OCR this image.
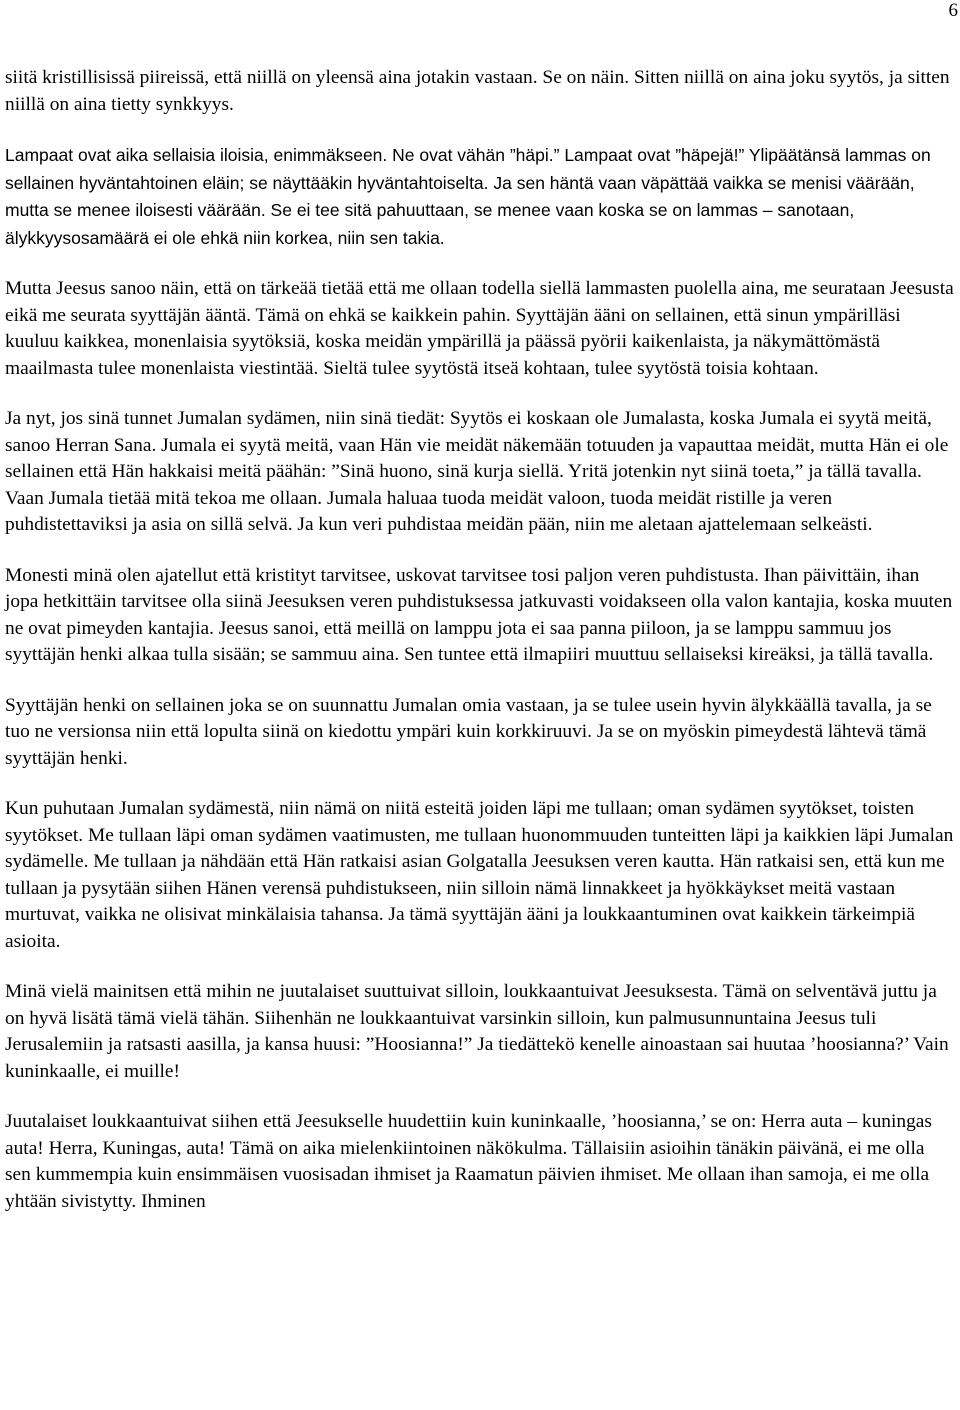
6

siitä kristillisissä piireissä, että niillä on yleensä aina jotakin vastaan. Se on näin. Sitten niillä on aina joku syytös, ja sitten niillä on aina tietty synkkyys.

Lampaat ovat aika sellaisia iloisia, enimmäkseen. Ne ovat vähän ”häpi.” Lampaat ovat ”häpejä!” Ylipäätänsä lammas on sellainen hyväntahtoinen eläin; se näyttääkin hyväntahtoiselta. Ja sen häntä vaan väpättää vaikka se menisi väärään, mutta se menee iloisesti väärään. Se ei tee sitä pahuuttaan, se menee vaan koska se on lammas – sanotaan, älykkyysosamäärä ei ole ehkä niin korkea, niin sen takia.

Mutta Jeesus sanoo näin, että on tärkeää tietää että me ollaan todella siellä lammasten puolella aina, me seurataan Jeesusta eikä me seurata syyttäjän ääntä. Tämä on ehkä se kaikkein pahin. Syyttäjän ääni on sellainen, että sinun ympärilläsi kuuluu kaikkea, monenlaisia syytöksiä, koska meidän ympärillä ja päässä pyörii kaikenlaista, ja näkymättömästä maailmasta tulee monenlaista viestintää. Sieltä tulee syytöstä itseä kohtaan, tulee syytöstä toisia kohtaan.

Ja nyt, jos sinä tunnet Jumalan sydämen, niin sinä tiedät: Syytös ei koskaan ole Jumalasta, koska Jumala ei syytä meitä, sanoo Herran Sana. Jumala ei syytä meitä, vaan Hän vie meidät näkemään totuuden ja vapauttaa meidät, mutta Hän ei ole sellainen että Hän hakkaisi meitä päähän: ”Sinä huono, sinä kurja siellä. Yritä jotenkin nyt siinä toeta,” ja tällä tavalla. Vaan Jumala tietää mitä tekoa me ollaan. Jumala haluaa tuoda meidät valoon, tuoda meidät ristille ja veren puhdistettaviksi ja asia on sillä selvä. Ja kun veri puhdistaa meidän pään, niin me aletaan ajattelemaan selkeästi.

Monesti minä olen ajatellut että kristityt tarvitsee, uskovat tarvitsee tosi paljon veren puhdistusta. Ihan päivittäin, ihan jopa hetkittäin tarvitsee olla siinä Jeesuksen veren puhdistuksessa jatkuvasti voidakseen olla valon kantajia, koska muuten ne ovat pimeyden kantajia. Jeesus sanoi, että meillä on lamppu jota ei saa panna piiloon, ja se lamppu sammuu jos syyttäjän henki alkaa tulla sisään; se sammuu aina. Sen tuntee että ilmapiiri muuttuu sellaiseksi kireäksi, ja tällä tavalla.

Syyttäjän henki on sellainen joka se on suunnattu Jumalan omia vastaan, ja se tulee usein hyvin älykkäällä tavalla, ja se tuo ne versionsa niin että lopulta siinä on kiedottu ympäri kuin korkkiruuvi. Ja se on myöskin pimeydestä lähtevä tämä syyttäjän henki.

Kun puhutaan Jumalan sydämestä, niin nämä on niitä esteitä joiden läpi me tullaan; oman sydämen syytökset, toisten syytökset. Me tullaan läpi oman sydämen vaatimusten, me tullaan huonommuuden tunteitten läpi ja kaikkien läpi Jumalan sydämelle. Me tullaan ja nähdään että Hän ratkaisi asian Golgatalla Jeesuksen veren kautta. Hän ratkaisi sen, että kun me tullaan ja pysytään siihen Hänen verensä puhdistukseen, niin silloin nämä linnakkeet ja hyökkäykset meitä vastaan murtuvat, vaikka ne olisivat minkälaisia tahansa. Ja tämä syyttäjän ääni ja loukkaantuminen ovat kaikkein tärkeimpiä asioita.

Minä vielä mainitsen että mihin ne juutalaiset suuttuivat silloin, loukkaantuivat Jeesuksesta. Tämä on selventävä juttu ja on hyvä lisätä tämä vielä tähän. Siihenhän ne loukkaantuivat varsinkin silloin, kun palmusunnuntaina Jeesus tuli Jerusalemiin ja ratsasti aasilla, ja kansa huusi: ”Hoosianna!” Ja tiedättekö kenelle ainoastaan sai huutaa ’hoosianna?’ Vain kuninkaalle, ei muille!

Juutalaiset loukkaantuivat siihen että Jeesukselle huudettiin kuin kuninkaalle, ’hoosianna,’ se on: Herra auta – kuningas auta! Herra, Kuningas, auta! Tämä on aika mielenkiintoinen näkökulma. Tällaisiin asioihin tänäkin päivänä, ei me olla sen kummempia kuin ensimmäisen vuosisadan ihmiset ja Raamatun päivien ihmiset. Me ollaan ihan samoja, ei me olla yhtään sivistytty. Ihminen
